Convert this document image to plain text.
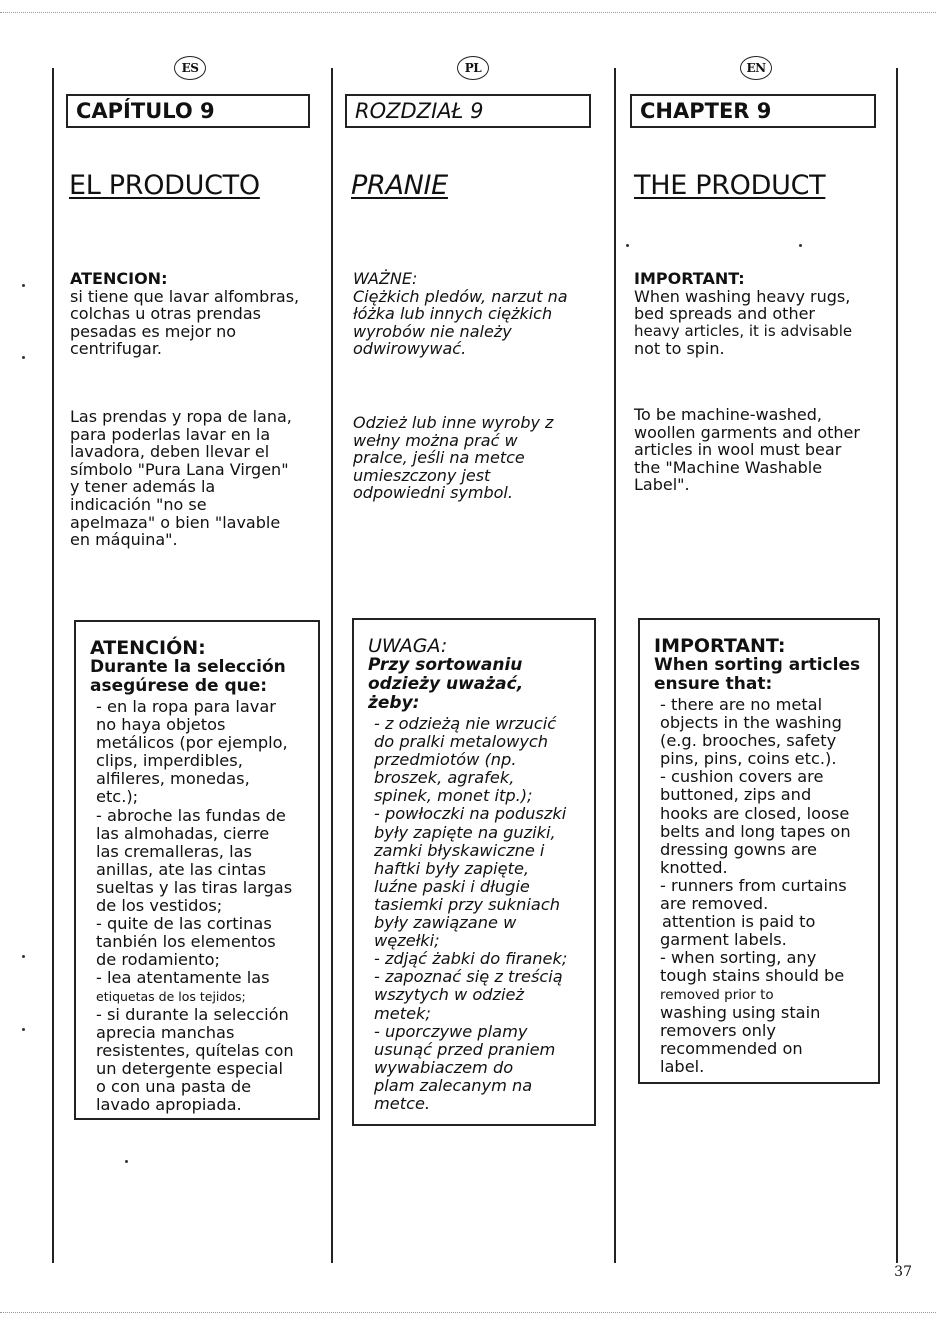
ES
CAPÍTULO 9
EL PRODUCTO
ATENCION:
si tiene que lavar alfombras,
colchas u otras prendas
pesadas es mejor no
centrifugar.
Las prendas y ropa de lana,
para poderlas lavar en la
lavadora, deben llevar el
símbolo "Pura Lana Virgen"
y tener además la
indicación "no se
apelmaza" o bien "lavable
en máquina".
ATENCIÓN:
Durante la selección
asegúrese de que:
- en la ropa para lavar
no haya objetos
metálicos (por ejemplo,
clips, imperdibles,
alfileres, monedas,
etc.);
- abroche las fundas de
las almohadas, cierre
las cremalleras, las
anillas, ate las cintas
sueltas y las tiras largas
de los vestidos;
- quite de las cortinas
tanbién los elementos
de rodamiento;
- lea atentamente las
etiquetas de los tejidos;
- si durante la selección
aprecia manchas
resistentes, quítelas con
un detergente especial
o con una pasta de
lavado apropiada.
PL
ROZDZIAŁ 9
PRANIE
WAŻNE:
Ciężkich pledów, narzut na
łóżka lub innych ciężkich
wyrobów nie należy
odwirowywać.
Odzież lub inne wyroby z
wełny można prać w
pralce, jeśli na metce
umieszczony jest
odpowiedni symbol.
UWAGA:
Przy sortowaniu
odzieży uważać,
żeby:
- z odzieżą nie wrzucić
do pralki metalowych
przedmiotów (np.
broszek, agrafek,
spinek, monet itp.);
- powłoczki na poduszki
były zapięte na guziki,
zamki błyskawiczne i
haftki były zapięte,
luźne paski i długie
tasiemki przy sukniach
były zawiązane w
węzełki;
- zdjąć żabki do firanek;
- zapoznać się z treścią
wszytych w odzież
metek;
- uporczywe plamy
usunąć przed praniem
wywabiaczem do
plam zalecanym na
metce.
EN
CHAPTER 9
THE PRODUCT
IMPORTANT:
When washing heavy rugs,
bed spreads and other
heavy articles, it is advisable
not to spin.
To be machine-washed,
woollen garments and other
articles in wool must bear
the "Machine Washable
Label".
IMPORTANT:
When sorting articles
ensure that:
- there are no metal
objects in the washing
(e.g. brooches, safety
pins, pins, coins etc.).
- cushion covers are
buttoned, zips and
hooks are closed, loose
belts and long tapes on
dressing gowns are
knotted.
- runners from curtains
are removed.
attention is paid to
garment labels.
- when sorting, any
tough stains should be
removed prior to
washing using stain
removers only
recommended on
label.
37
